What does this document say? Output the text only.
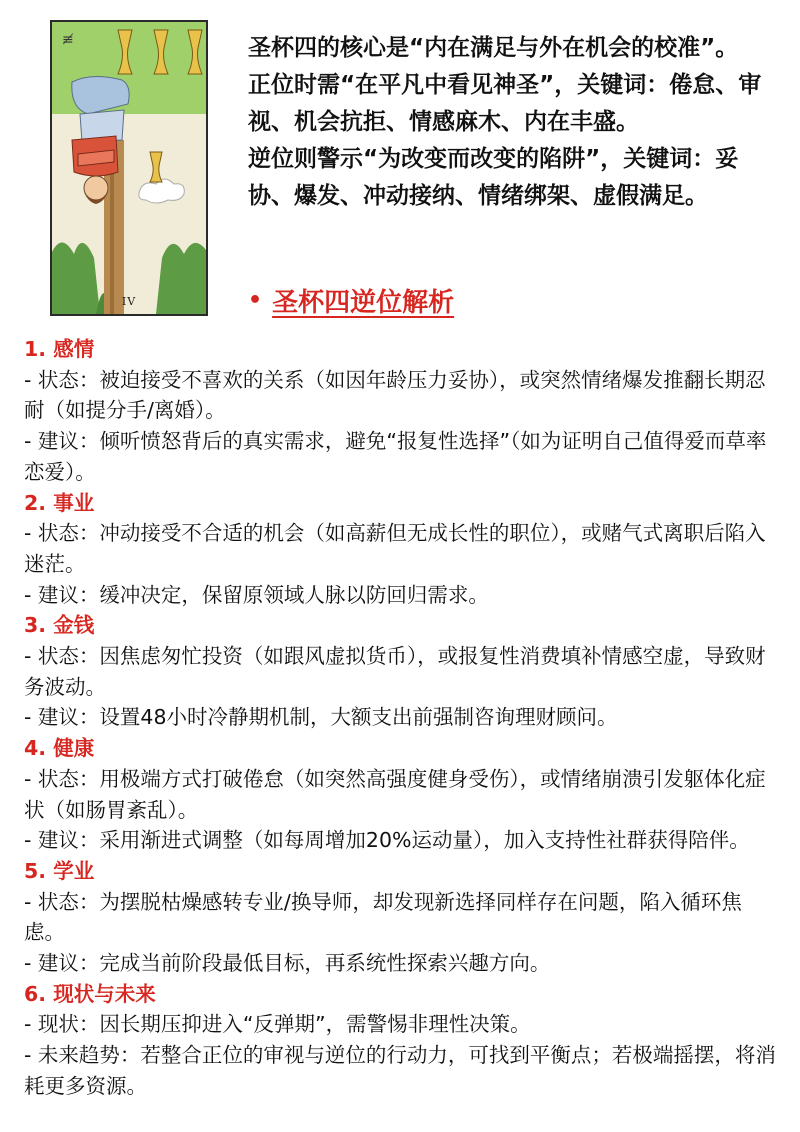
≢
IV

圣杯四的核心是“内在满足与外在机会的校准”。

正位时需“在平凡中看见神圣”，关键词：倦怠、审视、机会抗拒、情感麻木、内在丰盛。

逆位则警示“为改变而改变的陷阱”，关键词：妥协、爆发、冲动接纳、情绪绑架、虚假满足。

• 圣杯四逆位解析

1. 感情

- 状态：被迫接受不喜欢的关系（如因年龄压力妥协），或突然情绪爆发推翻长期忍耐（如提分手/离婚）。

- 建议：倾听愤怒背后的真实需求，避免“报复性选择”（如为证明自己值得爱而草率恋爱）。

2. 事业

- 状态：冲动接受不合适的机会（如高薪但无成长性的职位），或赌气式离职后陷入迷茫。

- 建议：缓冲决定，保留原领域人脉以防回归需求。

3. 金钱

- 状态：因焦虑匆忙投资（如跟风虚拟货币），或报复性消费填补情感空虚，导致财务波动。

- 建议：设置48小时冷静期机制，大额支出前强制咨询理财顾问。

4. 健康

- 状态：用极端方式打破倦怠（如突然高强度健身受伤），或情绪崩溃引发躯体化症状（如肠胃紊乱）。

- 建议：采用渐进式调整（如每周增加20%运动量），加入支持性社群获得陪伴。

5. 学业

- 状态：为摆脱枯燥感转专业/换导师，却发现新选择同样存在问题，陷入循环焦虑。

- 建议：完成当前阶段最低目标，再系统性探索兴趣方向。

6. 现状与未来

- 现状：因长期压抑进入“反弹期”，需警惕非理性决策。

- 未来趋势：若整合正位的审视与逆位的行动力，可找到平衡点；若极端摇摆，将消耗更多资源。
